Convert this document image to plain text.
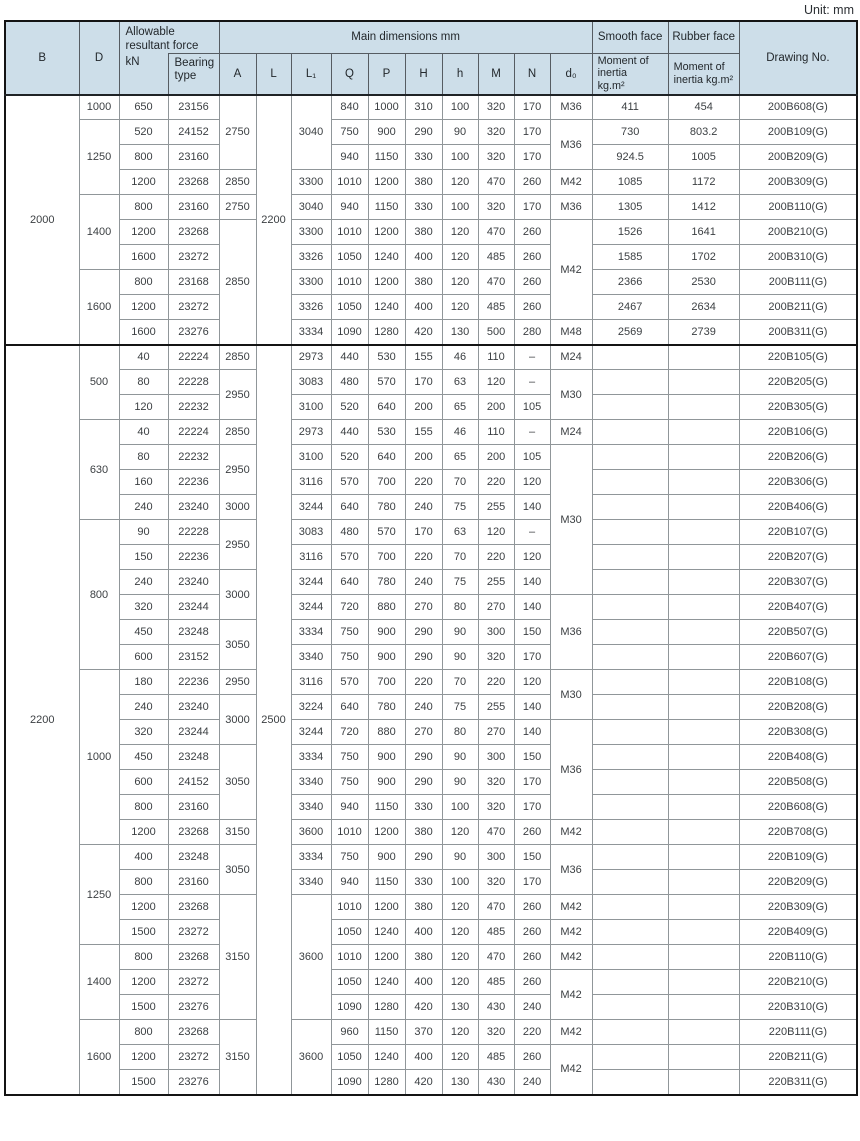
Unit: mm
B	D	Allowable resultant force
kN Bearing type		Main dimensions mm										Smooth face	Rubber face	Drawing No.
				A	L	L₁	Q	P	H	h	M	N	d₀	Moment of inertia kg.m²	Moment of inertia kg.m²	
2000	1000	650	23156	2750	2200	3040	840	1000	310	100	320	170	M36	411	454	200B608(G)
	1250	520	24152				750	900	290	90	320	170	M36	730	803.2	200B109(G)
		800	23160				940	1150	330	100	320	170		924.5	1005	200B209(G)
		1200	23268	2850		3300	1010	1200	380	120	470	260	M42	1085	1172	200B309(G)
	1400	800	23160	2750		3040	940	1150	330	100	320	170	M36	1305	1412	200B110(G)
		1200	23268	2850		3300	1010	1200	380	120	470	260	M42	1526	1641	200B210(G)
		1600	23272			3326	1050	1240	400	120	485	260		1585	1702	200B310(G)
	1600	800	23168			3300	1010	1200	380	120	470	260		2366	2530	200B111(G)
		1200	23272			3326	1050	1240	400	120	485	260		2467	2634	200B211(G)
		1600	23276			3334	1090	1280	420	130	500	280	M48	2569	2739	200B311(G)
2200	500	40	22224	2850	2500	2973	440	530	155	46	110	–	M24			220B105(G)
		80	22228	2950		3083	480	570	170	63	120	–	M30			220B205(G)
		120	22232			3100	520	640	200	65	200	105				220B305(G)
	630	40	22224	2850		2973	440	530	155	46	110	–	M24			220B106(G)
		80	22232	2950		3100	520	640	200	65	200	105	M30			220B206(G)
		160	22236			3116	570	700	220	70	220	120				220B306(G)
		240	23240	3000		3244	640	780	240	75	255	140				220B406(G)
	800	90	22228	2950		3083	480	570	170	63	120	–				220B107(G)
		150	22236			3116	570	700	220	70	220	120				220B207(G)
		240	23240	3000		3244	640	780	240	75	255	140				220B307(G)
		320	23244			3244	720	880	270	80	270	140	M36			220B407(G)
		450	23248	3050		3334	750	900	290	90	300	150				220B507(G)
		600	23152			3340	750	900	290	90	320	170				220B607(G)
	1000	180	22236	2950		3116	570	700	220	70	220	120	M30			220B108(G)
		240	23240	3000		3224	640	780	240	75	255	140				220B208(G)
		320	23244			3244	720	880	270	80	270	140	M36			220B308(G)
		450	23248	3050		3334	750	900	290	90	300	150				220B408(G)
		600	24152			3340	750	900	290	90	320	170				220B508(G)
		800	23160			3340	940	1150	330	100	320	170				220B608(G)
		1200	23268	3150		3600	1010	1200	380	120	470	260	M42			220B708(G)
	1250	400	23248	3050		3334	750	900	290	90	300	150	M36			220B109(G)
		800	23160			3340	940	1150	330	100	320	170				220B209(G)
		1200	23268	3150		3600	1010	1200	380	120	470	260	M42			220B309(G)
		1500	23272				1050	1240	400	120	485	260	M42			220B409(G)
	1400	800	23268				1010	1200	380	120	470	260	M42			220B110(G)
		1200	23272				1050	1240	400	120	485	260	M42			220B210(G)
		1500	23276				1090	1280	420	130	430	240				220B310(G)
	1600	800	23268	3150		3600	960	1150	370	120	320	220	M42			220B111(G)
		1200	23272				1050	1240	400	120	485	260	M42			220B211(G)
		1500	23276				1090	1280	420	130	430	240				220B311(G)
